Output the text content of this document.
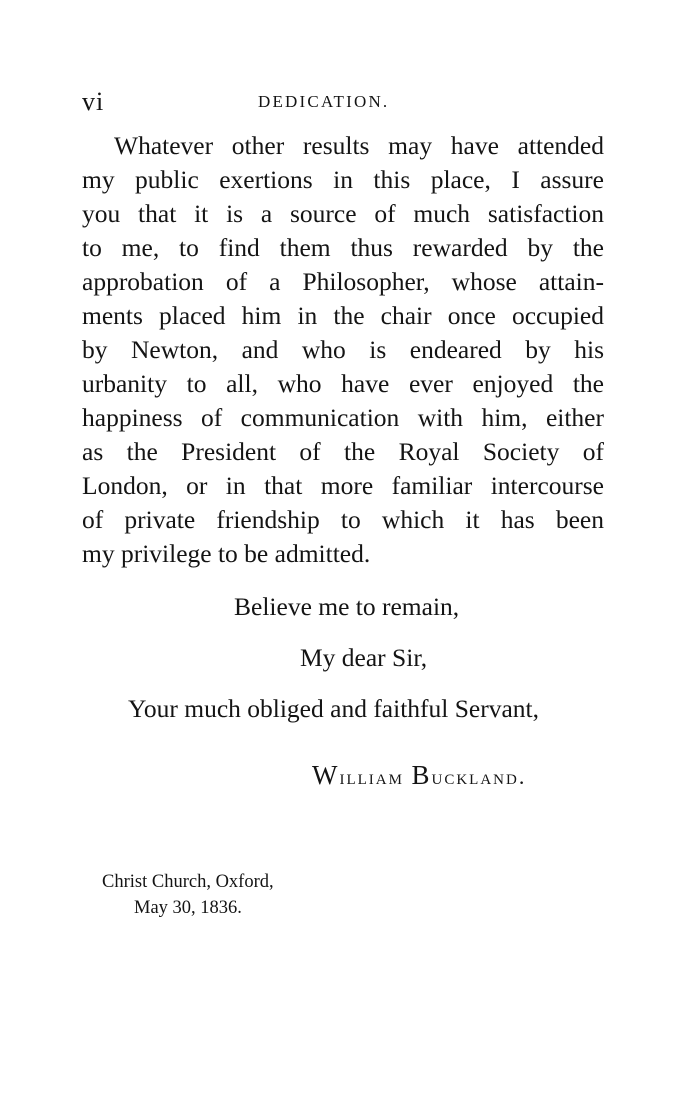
vi	DEDICATION.
Whatever other results may have attended
my public exertions in this place, I assure
you that it is a source of much satisfaction
to me, to find them thus rewarded by the
approbation of a Philosopher, whose attain-
ments placed him in the chair once occupied
by Newton, and who is endeared by his
urbanity to all, who have ever enjoyed the
happiness of communication with him, either
as the President of the Royal Society of
London, or in that more familiar intercourse
of private friendship to which it has been
my privilege to be admitted.
Believe me to remain,
My dear Sir,
Your much obliged and faithful Servant,
William Buckland.
Christ Church, Oxford,
May 30, 1836.
